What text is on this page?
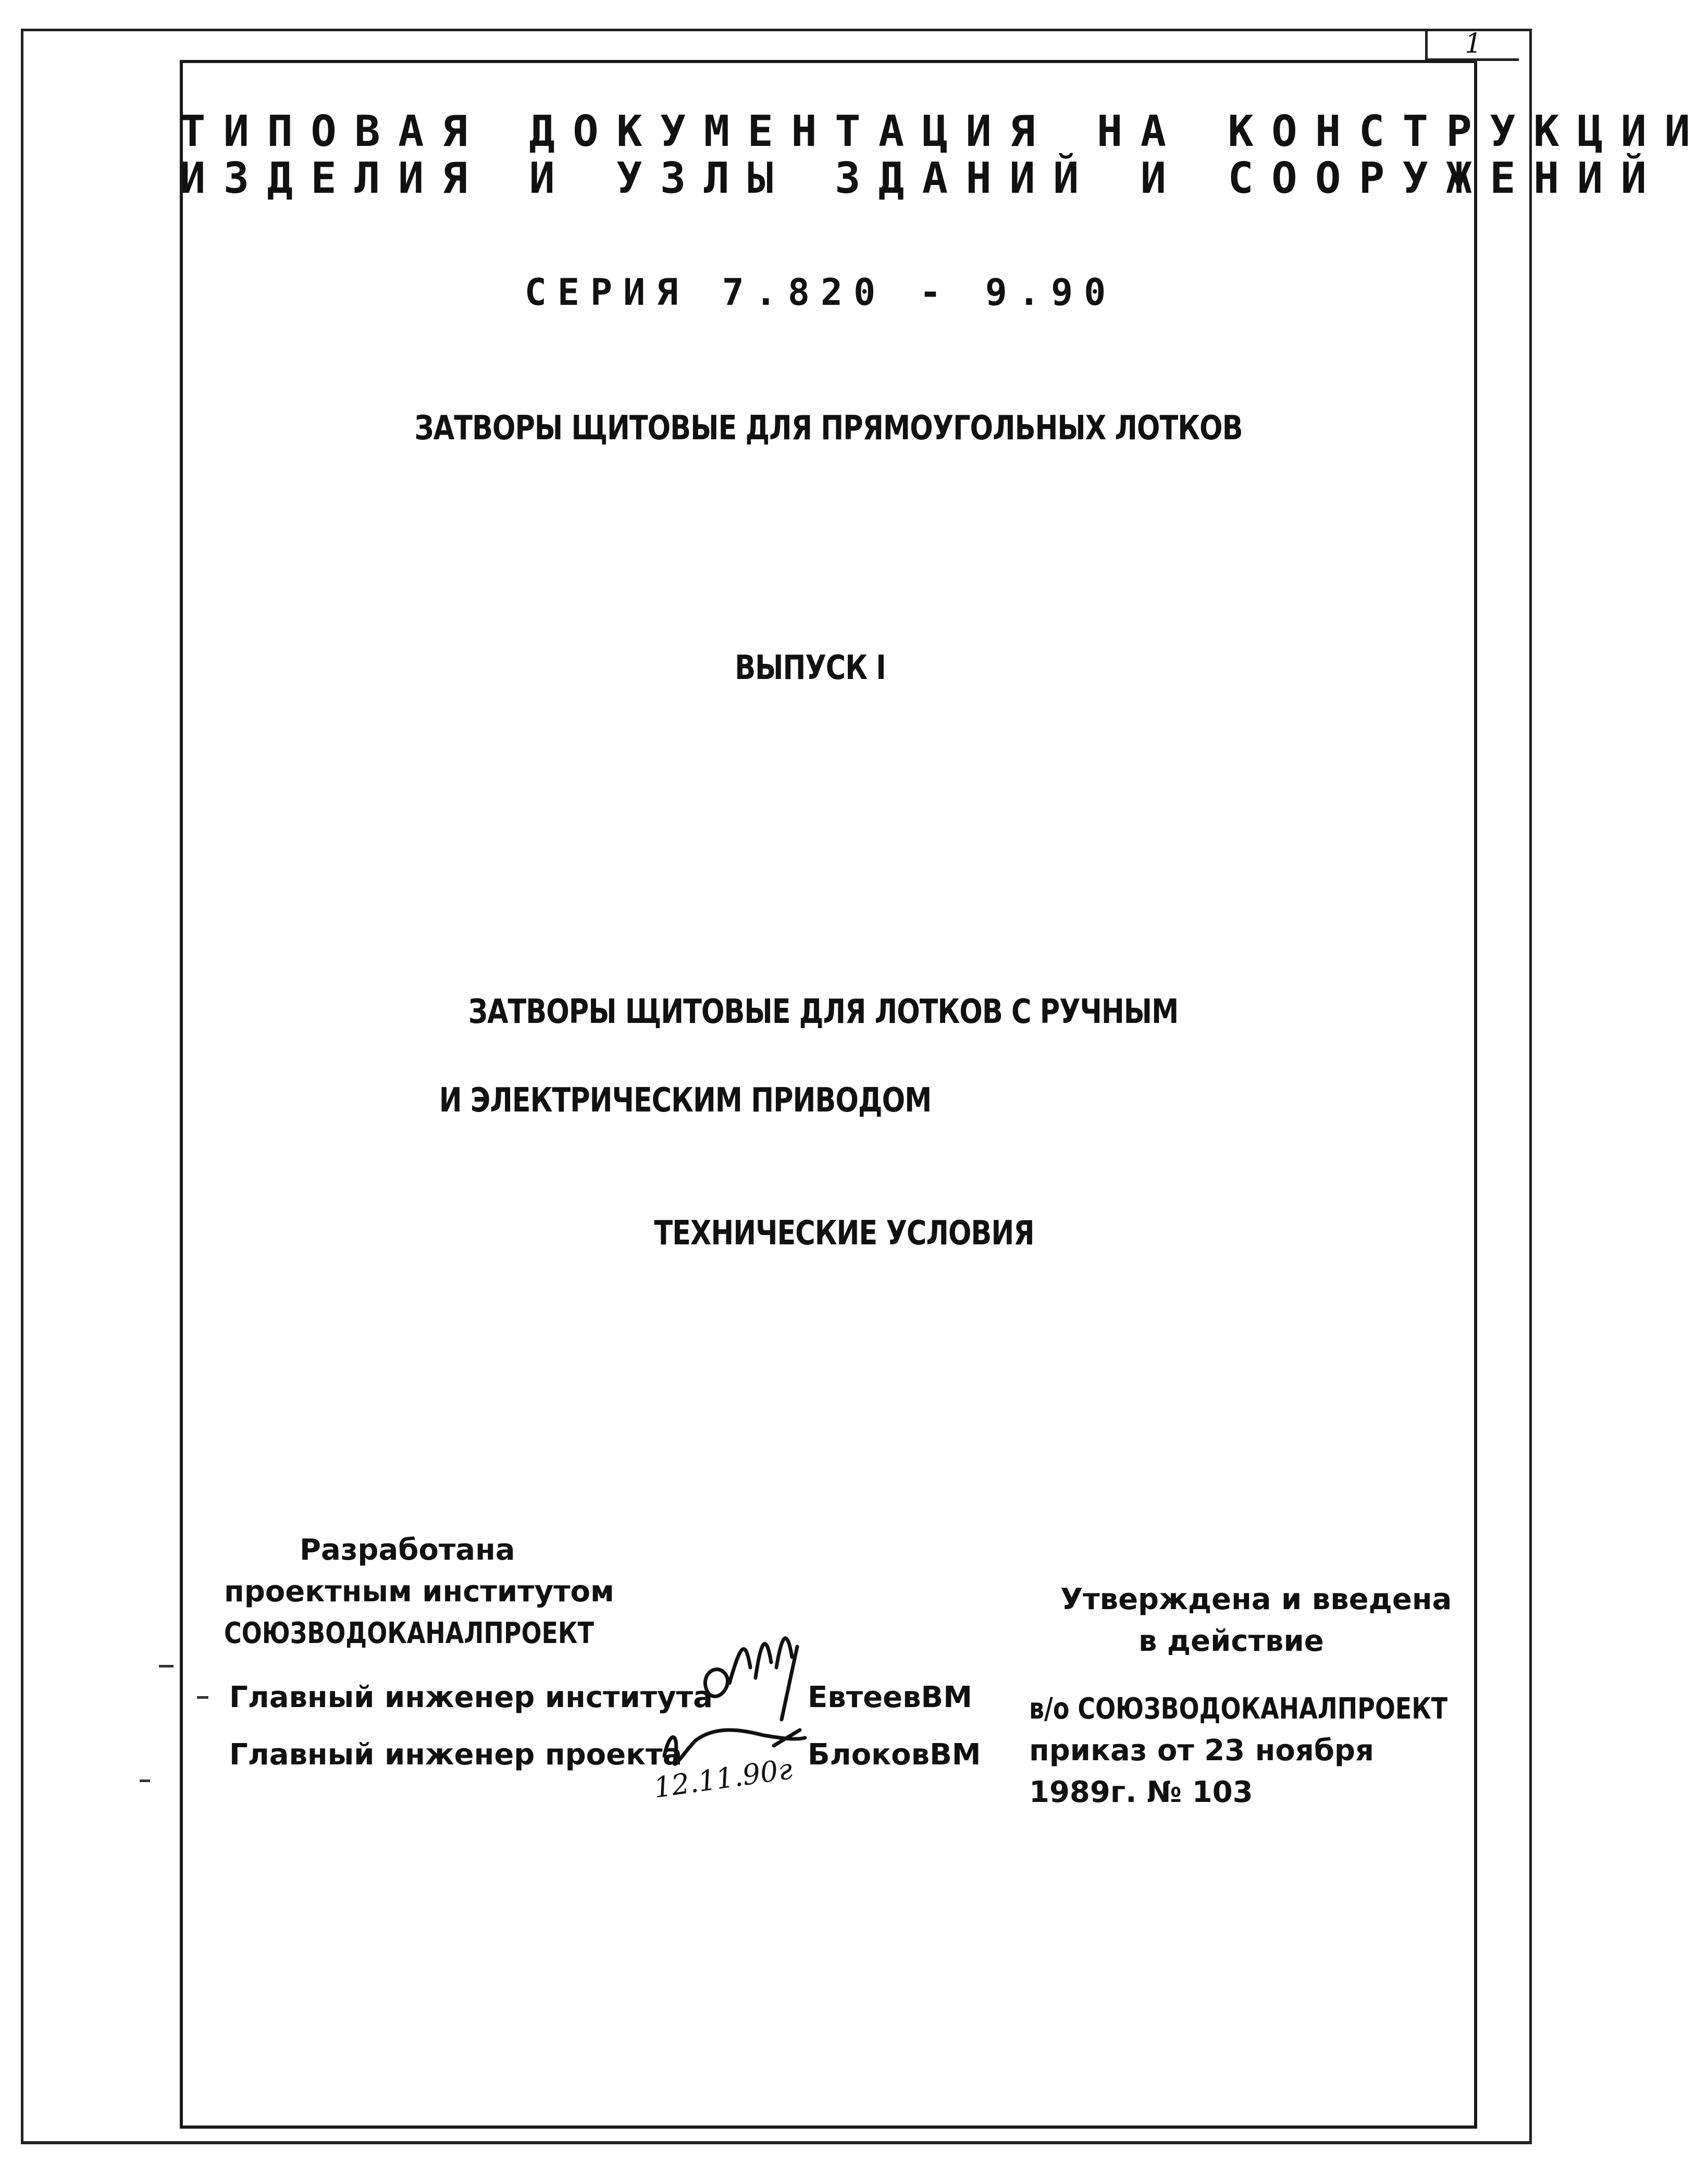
1
ТИПОВАЯ ДОКУМЕНТАЦИЯ НА КОНСТРУКЦИИ
ИЗДЕЛИЯ И УЗЛЫ ЗДАНИЙ И СООРУЖЕНИЙ
СЕРИЯ 7.820 - 9.90
ЗАТВОРЫ ЩИТОВЫЕ ДЛЯ ПРЯМОУГОЛЬНЫХ ЛОТКОВ
ВЫПУСК I
ЗАТВОРЫ ЩИТОВЫЕ ДЛЯ ЛОТКОВ С РУЧНЫМ
И ЭЛЕКТРИЧЕСКИМ ПРИВОДОМ
ТЕХНИЧЕСКИЕ УСЛОВИЯ
Разработана
проектным институтом
СОЮЗВОДОКАНАЛПРОЕКТ
Главный инженер института	ЕвтеевВМ
Главный инженер проекта	БлоковВМ
12.11.90г
Утверждена и введена
в действие
в/о СОЮЗВОДОКАНАЛПРОЕКТ
приказ от 23 ноября
1989г. № 103
